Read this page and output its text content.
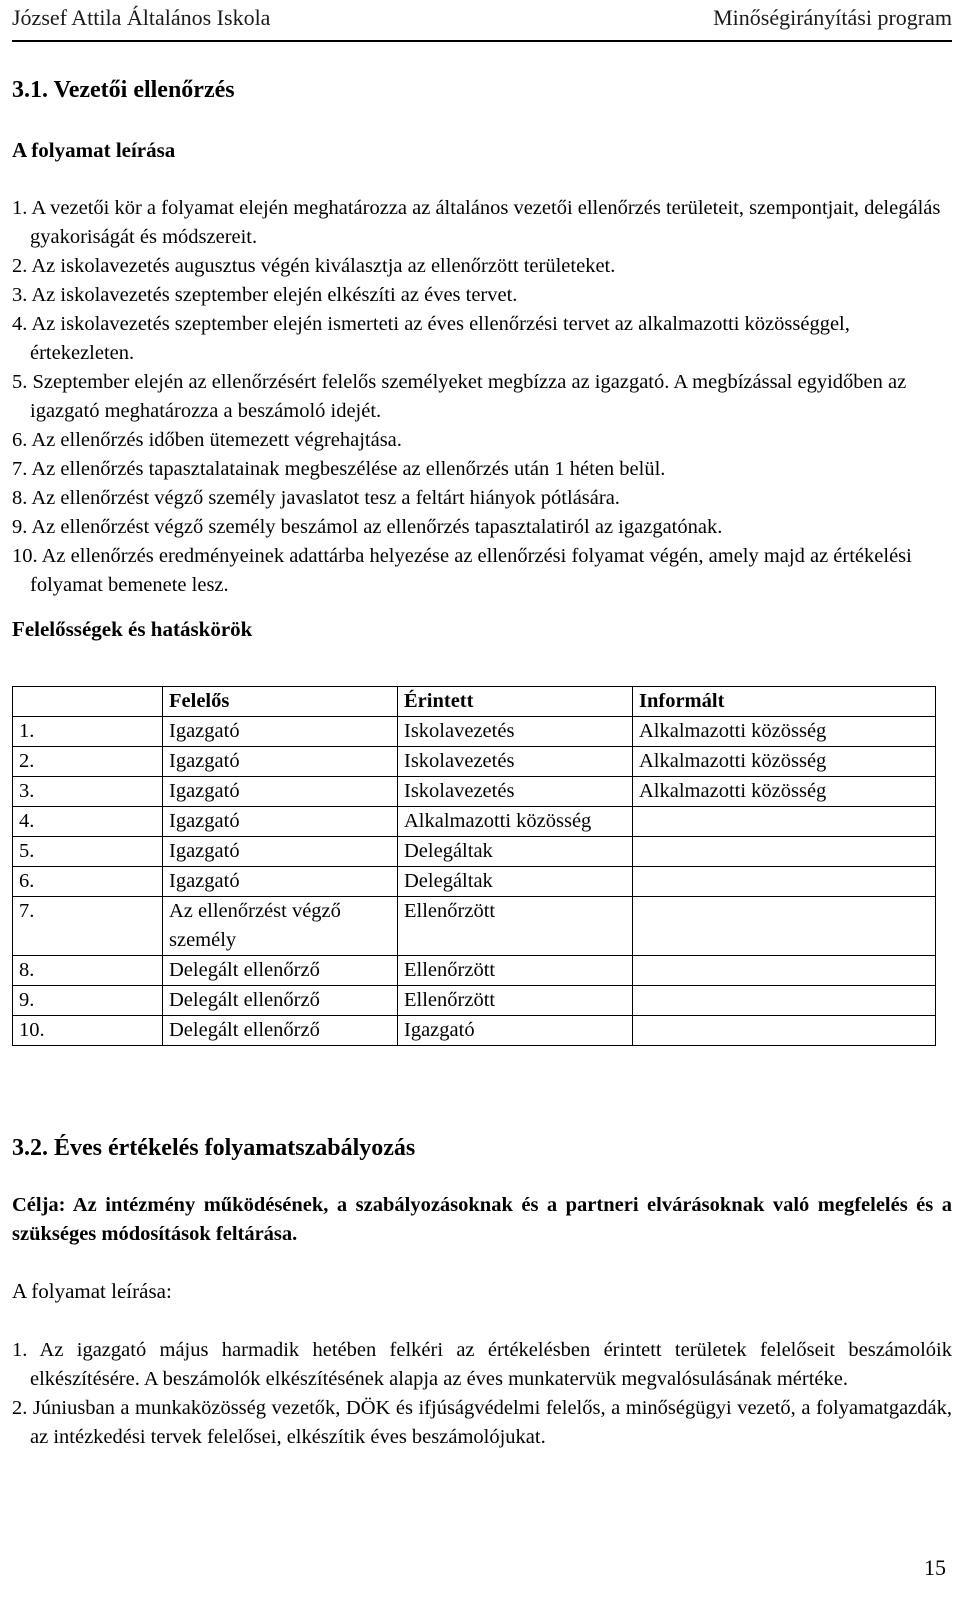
József Attila Általános Iskola	Minőségirányítási program
3.1. Vezetői ellenőrzés
A folyamat leírása
1. A vezetői kör a folyamat elején meghatározza az általános vezetői ellenőrzés területeit, szempontjait, delegálás gyakoriságát és módszereit.
2. Az iskolavezetés augusztus végén kiválasztja az ellenőrzött területeket.
3. Az iskolavezetés szeptember elején elkészíti az éves tervet.
4. Az iskolavezetés szeptember elején ismerteti az éves ellenőrzési tervet az alkalmazotti közösséggel, értekezleten.
5. Szeptember elején az ellenőrzésért felelős személyeket megbízza az igazgató. A megbízással egyidőben az igazgató meghatározza a beszámoló idejét.
6. Az ellenőrzés időben ütemezett végrehajtása.
7. Az ellenőrzés tapasztalatainak megbeszélése az ellenőrzés után 1 héten belül.
8. Az ellenőrzést végző személy javaslatot tesz a feltárt hiányok pótlására.
9. Az ellenőrzést végző személy beszámol az ellenőrzés tapasztalatiról az igazgatónak.
10. Az ellenőrzés eredményeinek adattárba helyezése az ellenőrzési folyamat végén, amely majd az értékelési folyamat bemenete lesz.
Felelősségek és hatáskörök
	Felelős	Érintett	Informált
1.	Igazgató	Iskolavezetés	Alkalmazotti közösség
2.	Igazgató	Iskolavezetés	Alkalmazotti közösség
3.	Igazgató	Iskolavezetés	Alkalmazotti közösség
4.	Igazgató	Alkalmazotti közösség	
5.	Igazgató	Delegáltak	
6.	Igazgató	Delegáltak	
7.	Az ellenőrzést végző személy	Ellenőrzött	
8.	Delegált ellenőrző	Ellenőrzött	
9.	Delegált ellenőrző	Ellenőrzött	
10.	Delegált ellenőrző	Igazgató	
3.2. Éves értékelés folyamatszabályozás
Célja: Az intézmény működésének, a szabályozásoknak és a partneri elvárásoknak való megfelelés és a szükséges módosítások feltárása.
A folyamat leírása:
1. Az igazgató május harmadik hetében felkéri az értékelésben érintett területek felelőseit beszámolóik elkészítésére. A beszámolók elkészítésének alapja az éves munkatervük megvalósulásának mértéke.
2. Júniusban a munkaközösség vezetők, DÖK és ifjúságvédelmi felelős, a minőségügyi vezető, a folyamatgazdák, az intézkedési tervek felelősei, elkészítik éves beszámolójukat.
15
